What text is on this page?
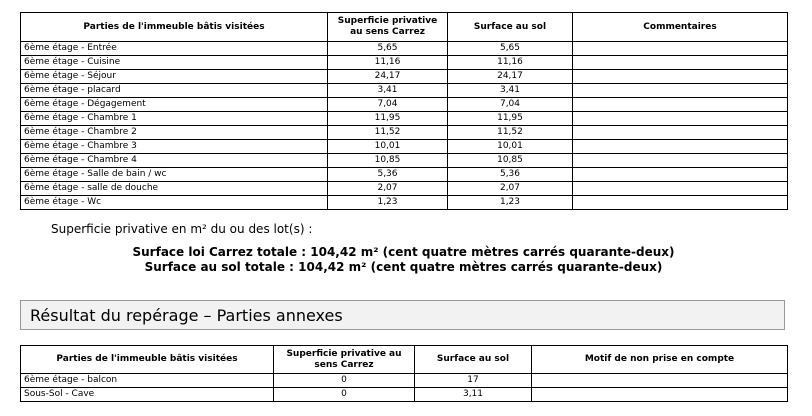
Parties de l'immeuble bâtis visitées	Superficie privative au sens Carrez	Surface au sol	Commentaires
6ème étage - Entrée	5,65	5,65	
6ème étage - Cuisine	11,16	11,16	
6ème étage - Séjour	24,17	24,17	
6ème étage - placard	3,41	3,41	
6ème étage - Dégagement	7,04	7,04	
6ème étage - Chambre 1	11,95	11,95	
6ème étage - Chambre 2	11,52	11,52	
6ème étage - Chambre 3	10,01	10,01	
6ème étage - Chambre 4	10,85	10,85	
6ème étage - Salle de bain / wc	5,36	5,36	
6ème étage - salle de douche	2,07	2,07	
6ème étage - Wc	1,23	1,23	
Superficie privative en m² du ou des lot(s) :
Surface loi Carrez totale : 104,42 m² (cent quatre mètres carrés quarante-deux)
Surface au sol totale : 104,42 m² (cent quatre mètres carrés quarante-deux)
Résultat du repérage – Parties annexes
Parties de l'immeuble bâtis visitées	Superficie privative au sens Carrez	Surface au sol	Motif de non prise en compte
6ème étage - balcon	0	17	
Sous-Sol - Cave	0	3,11	
